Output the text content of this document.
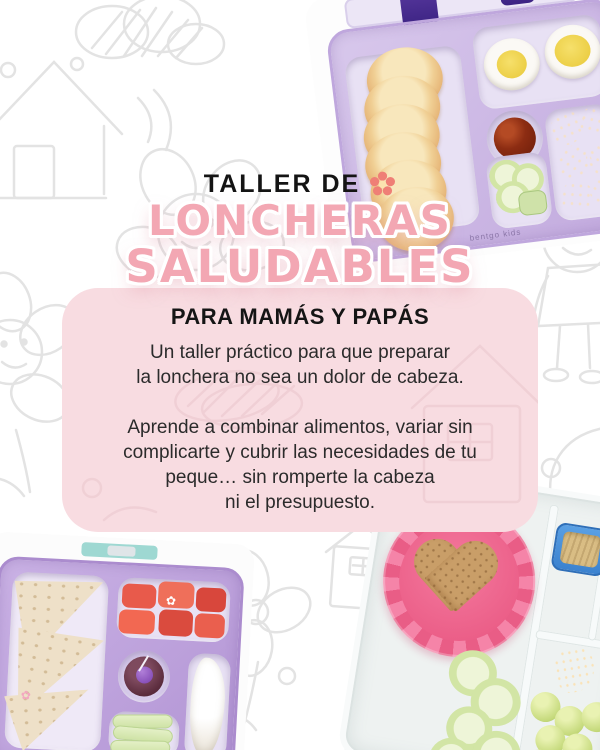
bentgo kids
TALLER DE
LONCHERAS
SALUDABLES
PARA MAMÁS Y PAPÁS

Un taller práctico para que preparar
la lonchera no sea un dolor de cabeza.

Aprende a combinar alimentos, variar sin
complicarte y cubrir las necesidades de tu
peque… sin romperte la cabeza
ni el presupuesto.

✿
✿
